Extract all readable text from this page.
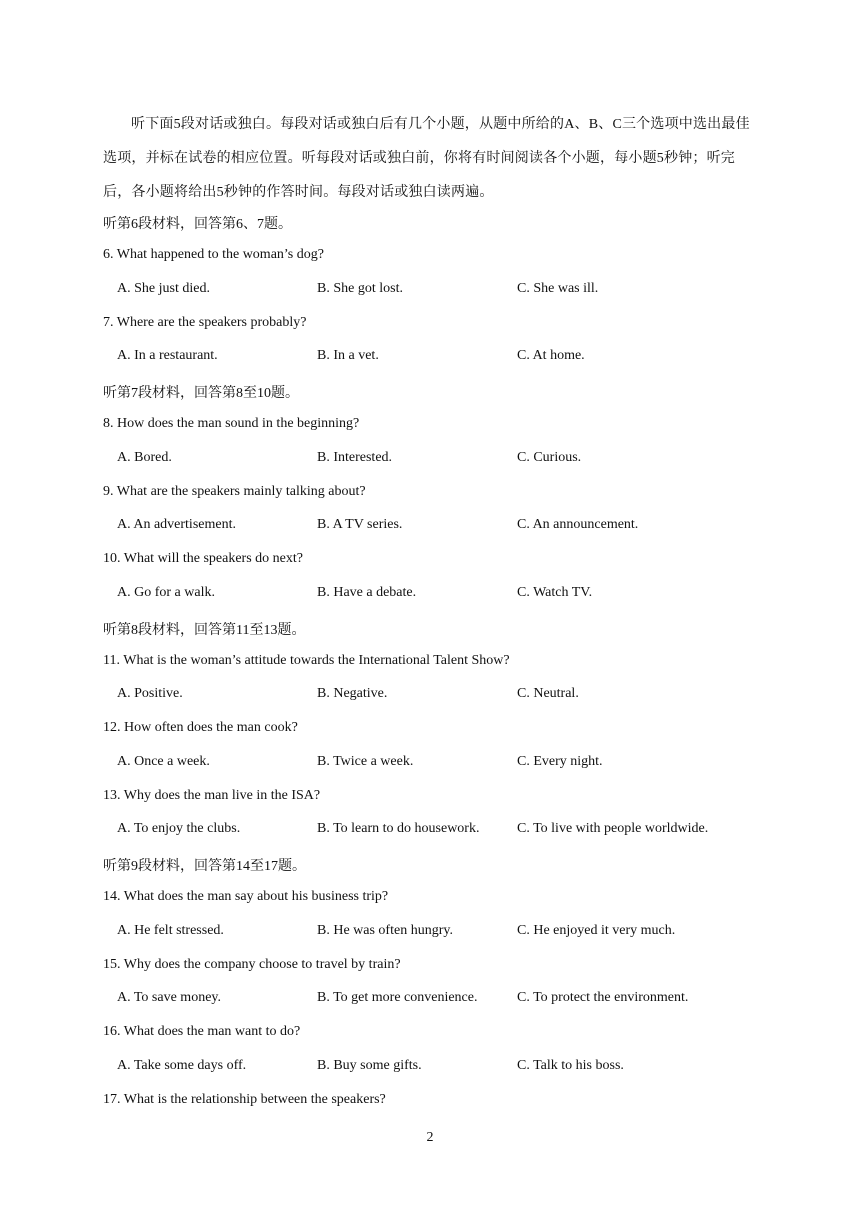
听下面5段对话或独白。每段对话或独白后有几个小题，从题中所给的A、B、C三个选项中选出最佳选项，并标在试卷的相应位置。听每段对话或独白前，你将有时间阅读各个小题，每小题5秒钟；听完后，各小题将给出5秒钟的作答时间。每段对话或独白读两遍。

听第6段材料，回答第6、7题。
6. What happened to the woman’s dog?
A. She just died.	B. She got lost.	C. She was ill.
7. Where are the speakers probably?
A. In a restaurant.	B. In a vet.	C. At home.
听第7段材料，回答第8至10题。
8. How does the man sound in the beginning?
A. Bored.	B. Interested.	C. Curious.
9. What are the speakers mainly talking about?
A. An advertisement.	B. A TV series.	C. An announcement.
10. What will the speakers do next?
A. Go for a walk.	B. Have a debate.	C. Watch TV.
听第8段材料，回答第11至13题。
11. What is the woman’s attitude towards the International Talent Show?
A. Positive.	B. Negative.	C. Neutral.
12. How often does the man cook?
A. Once a week.	B. Twice a week.	C. Every night.
13. Why does the man live in the ISA?
A. To enjoy the clubs.	B. To learn to do housework.	C. To live with people worldwide.
听第9段材料，回答第14至17题。
14. What does the man say about his business trip?
A. He felt stressed.	B. He was often hungry.	C. He enjoyed it very much.
15. Why does the company choose to travel by train?
A. To save money.	B. To get more convenience.	C. To protect the environment.
16. What does the man want to do?
A. Take some days off.	B. Buy some gifts.	C. Talk to his boss.
17. What is the relationship between the speakers?
2
